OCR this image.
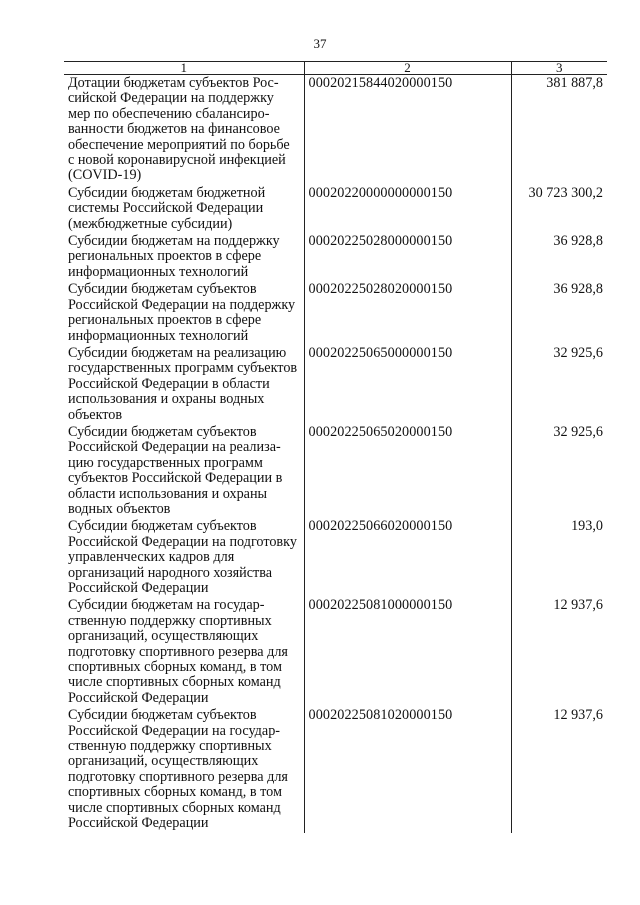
37
1	2	3
Дотации бюджетам субъектов Российской Федерации на поддержку мер по обеспечению сбалансированности бюджетов на финансовое обеспечение мероприятий по борьбе с новой коронавирусной инфекцией (COVID-19)	00020215844020000150	381 887,8
Субсидии бюджетам бюджетной системы Российской Федерации (межбюджетные субсидии)	00020220000000000150	30 723 300,2
Субсидии бюджетам на поддержку региональных проектов в сфере информационных технологий	00020225028000000150	36 928,8
Субсидии бюджетам субъектов Российской Федерации на поддержку региональных проектов в сфере информационных технологий	00020225028020000150	36 928,8
Субсидии бюджетам на реализацию государственных программ субъектов Российской Федерации в области использования и охраны водных объектов	00020225065000000150	32 925,6
Субсидии бюджетам субъектов Российской Федерации на реализацию государственных программ субъектов Российской Федерации в области использования и охраны водных объектов	00020225065020000150	32 925,6
Субсидии бюджетам субъектов Российской Федерации на подготовку управленческих кадров для организаций народного хозяйства Российской Федерации	00020225066020000150	193,0
Субсидии бюджетам на государственную поддержку спортивных организаций, осуществляющих подготовку спортивного резерва для спортивных сборных команд, в том числе спортивных сборных команд Российской Федерации	00020225081000000150	12 937,6
Субсидии бюджетам субъектов Российской Федерации на государственную поддержку спортивных организаций, осуществляющих подготовку спортивного резерва для спортивных сборных команд, в том числе спортивных сборных команд Российской Федерации	00020225081020000150	12 937,6
